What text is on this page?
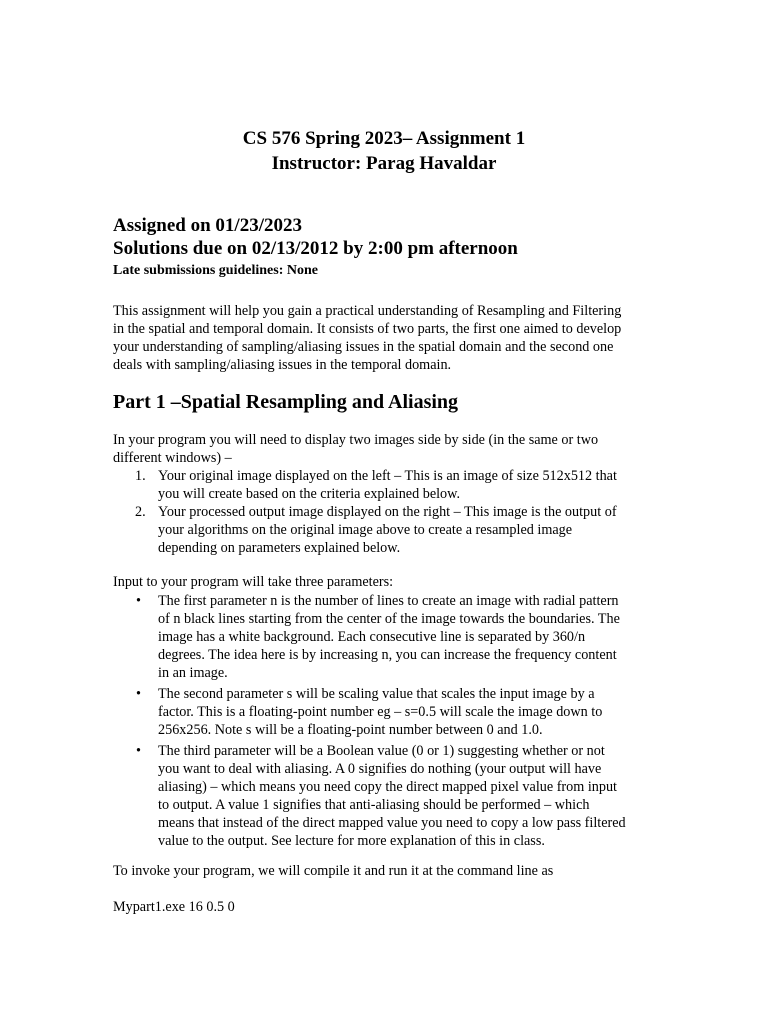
CS 576 Spring 2023– Assignment 1
Instructor: Parag Havaldar
Assigned on 01/23/2023
Solutions due on 02/13/2012 by 2:00 pm afternoon
Late submissions guidelines: None
This assignment will help you gain a practical understanding of Resampling and Filtering
in the spatial and temporal domain. It consists of two parts, the first one aimed to develop
your understanding of sampling/aliasing issues in the spatial domain and the second one
deals with sampling/aliasing issues in the temporal domain.
Part 1 –Spatial Resampling and Aliasing
In your program you will need to display two images side by side (in the same or two
different windows) –
1. Your original image displayed on the left – This is an image of size 512x512 that
you will create based on the criteria explained below.
2. Your processed output image displayed on the right – This image is the output of
your algorithms on the original image above to create a resampled image
depending on parameters explained below.
Input to your program will take three parameters:
• The first parameter n is the number of lines to create an image with radial pattern
of n black lines starting from the center of the image towards the boundaries. The
image has a white background. Each consecutive line is separated by 360/n
degrees. The idea here is by increasing n, you can increase the frequency content
in an image.
• The second parameter s will be scaling value that scales the input image by a
factor. This is a floating-point number eg – s=0.5 will scale the image down to
256x256. Note s will be a floating-point number between 0 and 1.0.
• The third parameter will be a Boolean value (0 or 1) suggesting whether or not
you want to deal with aliasing. A 0 signifies do nothing (your output will have
aliasing) – which means you need copy the direct mapped pixel value from input
to output. A value 1 signifies that anti-aliasing should be performed – which
means that instead of the direct mapped value you need to copy a low pass filtered
value to the output. See lecture for more explanation of this in class.
To invoke your program, we will compile it and run it at the command line as
Mypart1.exe 16 0.5 0
